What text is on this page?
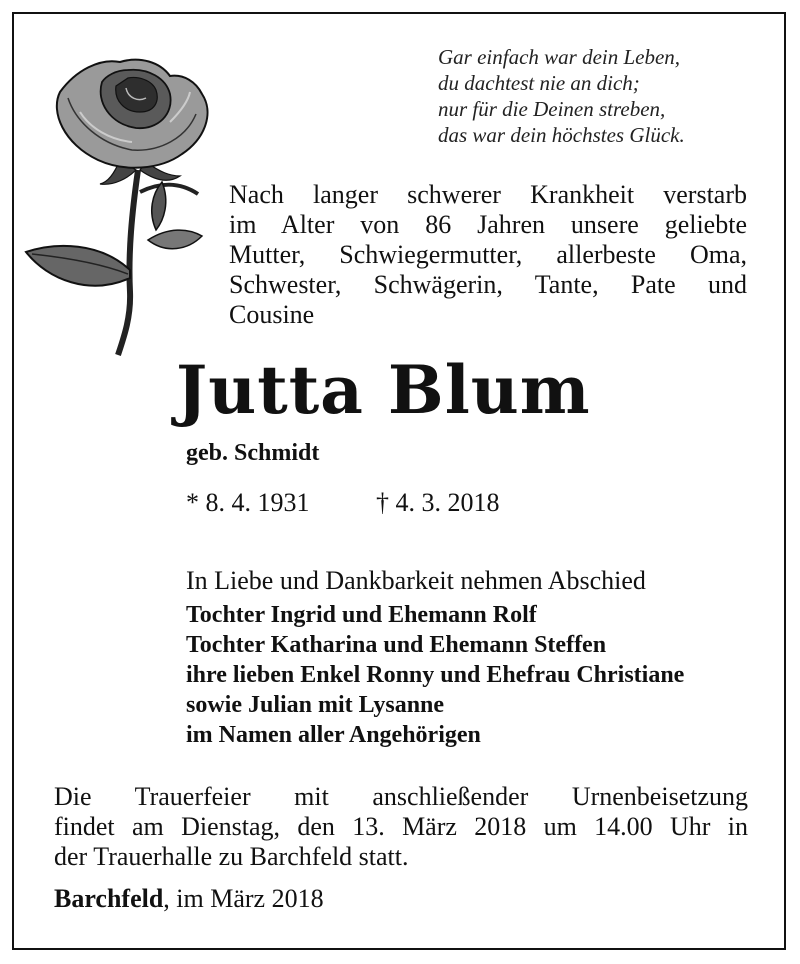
Gar einfach war dein Leben,
du dachtest nie an dich;
nur für die Deinen streben,
das war dein höchstes Glück.
Nach langer schwerer Krankheit verstarb
im Alter von 86 Jahren unsere geliebte
Mutter, Schwiegermutter, allerbeste Oma,
Schwester, Schwägerin, Tante, Pate und
Cousine
Jutta Blum
geb. Schmidt
* 8. 4. 1931	† 4. 3. 2018
In Liebe und Dankbarkeit nehmen Abschied
Tochter Ingrid und Ehemann Rolf
Tochter Katharina und Ehemann Steffen
ihre lieben Enkel Ronny und Ehefrau Christiane
sowie Julian mit Lysanne
im Namen aller Angehörigen
Die Trauerfeier mit anschließender Urnenbeisetzung
findet am Dienstag, den 13. März 2018 um 14.00 Uhr in
der Trauerhalle zu Barchfeld statt.
Barchfeld, im März 2018
